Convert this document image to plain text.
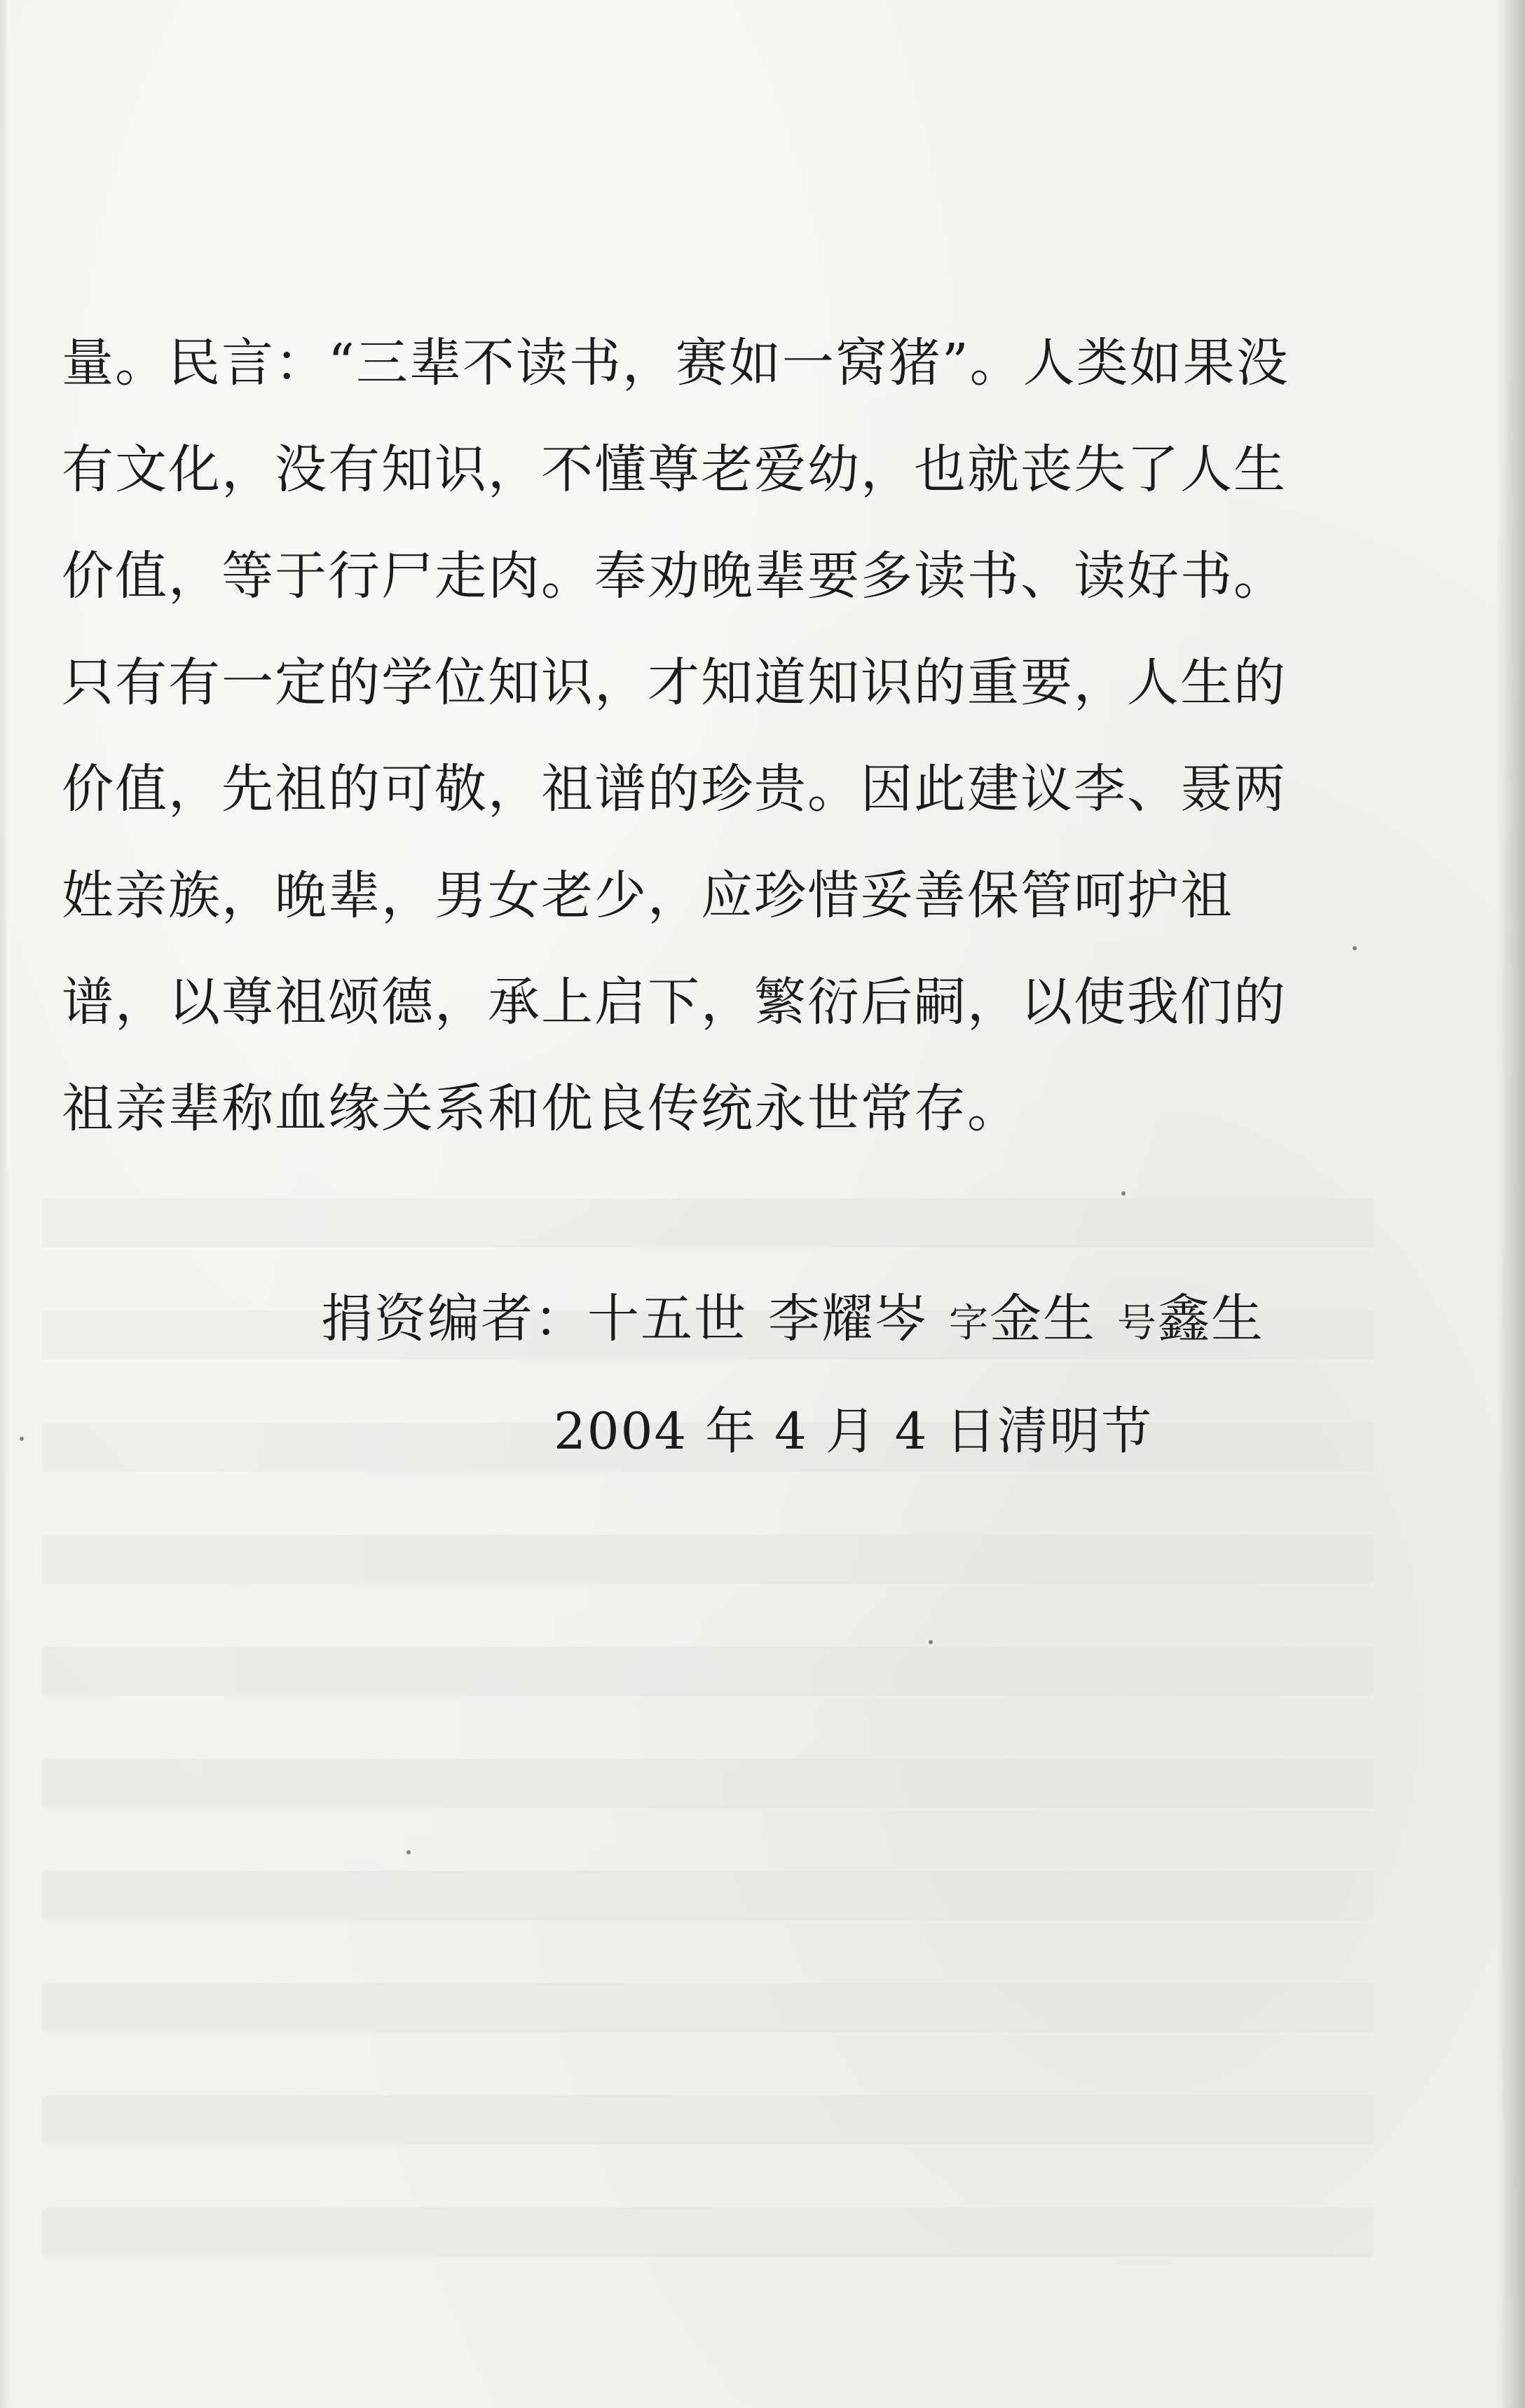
量。民言：“三辈不读书，赛如一窝猪”。人类如果没
有文化，没有知识，不懂尊老爱幼，也就丧失了人生
价值，等于行尸走肉。奉劝晚辈要多读书、读好书。
只有有一定的学位知识，才知道知识的重要，人生的
价值，先祖的可敬，祖谱的珍贵。因此建议李、聂两
姓亲族，晚辈，男女老少，应珍惜妥善保管呵护祖
谱，以尊祖颂德，承上启下，繁衍后嗣，以使我们的
祖亲辈称血缘关系和优良传统永世常存。
捐资编者：十五世 李耀岑 字金生 号鑫生
2004 年 4 月 4 日清明节
